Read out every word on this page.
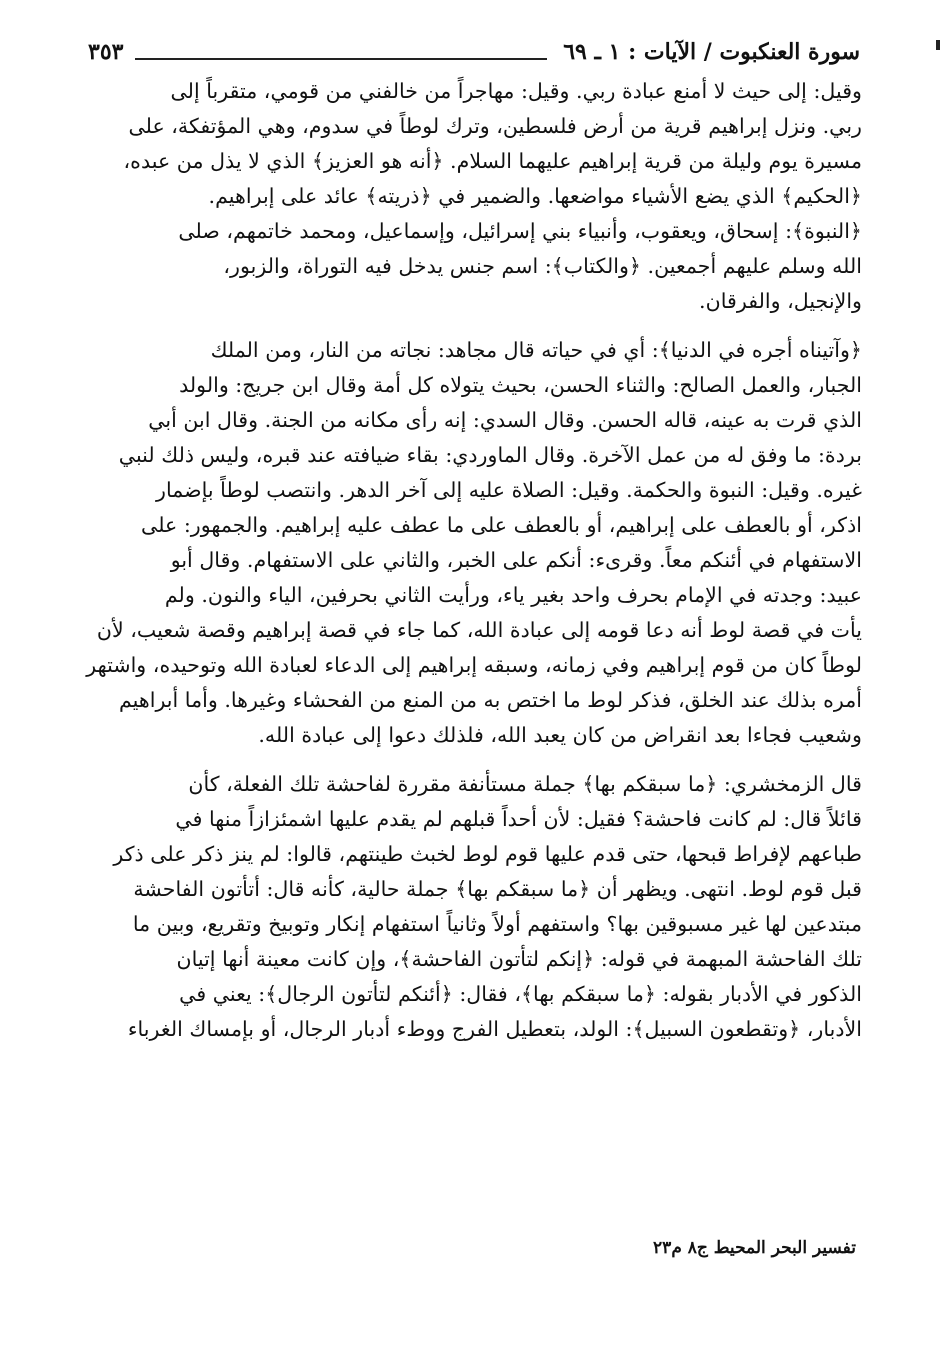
سورة العنكبوت / الآيات : ١ ـ ٦٩
٣٥٣

وقيل: إلى حيث لا أمنع عبادة ربي. وقيل: مهاجراً من خالفني من قومي، متقرباً إلى
ربي. ونزل إبراهيم قرية من أرض فلسطين، وترك لوطاً في سدوم، وهي المؤتفكة، على
مسيرة يوم وليلة من قرية إبراهيم عليهما السلام. ﴿أنه هو العزيز﴾ الذي لا يذل من عبده،
﴿الحكيم﴾ الذي يضع الأشياء مواضعها. والضمير في ﴿ذريته﴾ عائد على إبراهيم.
﴿النبوة﴾: إسحاق، ويعقوب، وأنبياء بني إسرائيل، وإسماعيل، ومحمد خاتمهم، صلى
الله وسلم عليهم أجمعين. ﴿والكتاب﴾: اسم جنس يدخل فيه التوراة، والزبور،
والإنجيل، والفرقان.

﴿وآتيناه أجره في الدنيا﴾: أي في حياته قال مجاهد: نجاته من النار، ومن الملك
الجبار، والعمل الصالح: والثناء الحسن، بحيث يتولاه كل أمة وقال ابن جريج: والولد
الذي قرت به عينه، قاله الحسن. وقال السدي: إنه رأى مكانه من الجنة. وقال ابن أبي
بردة: ما وفق له من عمل الآخرة. وقال الماوردي: بقاء ضيافته عند قبره، وليس ذلك لنبي
غيره. وقيل: النبوة والحكمة. وقيل: الصلاة عليه إلى آخر الدهر. وانتصب لوطاً بإضمار
اذكر، أو بالعطف على إبراهيم، أو بالعطف على ما عطف عليه إبراهيم. والجمهور: على
الاستفهام في أئنكم معاً. وقرىء: أنكم على الخبر، والثاني على الاستفهام. وقال أبو
عبيد: وجدته في الإمام بحرف واحد بغير ياء، ورأيت الثاني بحرفين، الياء والنون. ولم
يأت في قصة لوط أنه دعا قومه إلى عبادة الله، كما جاء في قصة إبراهيم وقصة شعيب، لأن
لوطاً كان من قوم إبراهيم وفي زمانه، وسبقه إبراهيم إلى الدعاء لعبادة الله وتوحيده، واشتهر
أمره بذلك عند الخلق، فذكر لوط ما اختص به من المنع من الفحشاء وغيرها. وأما أبراهيم
وشعيب فجاءا بعد انقراض من كان يعبد الله، فلذلك دعوا إلى عبادة الله.

قال الزمخشري: ﴿ما سبقكم بها﴾ جملة مستأنفة مقررة لفاحشة تلك الفعلة، كأن
قائلاً قال: لم كانت فاحشة؟ فقيل: لأن أحداً قبلهم لم يقدم عليها اشمئزازاً منها في
طباعهم لإفراط قبحها، حتى قدم عليها قوم لوط لخبث طينتهم، قالوا: لم ينز ذكر على ذكر
قبل قوم لوط. انتهى. ويظهر أن ﴿ما سبقكم بها﴾ جملة حالية، كأنه قال: أتأتون الفاحشة
مبتدعين لها غير مسبوقين بها؟ واستفهم أولاً وثانياً استفهام إنكار وتوبيخ وتقريع، وبين ما
تلك الفاحشة المبهمة في قوله: ﴿إنكم لتأتون الفاحشة﴾، وإن كانت معينة أنها إتيان
الذكور في الأدبار بقوله: ﴿ما سبقكم بها﴾، فقال: ﴿أئنكم لتأتون الرجال﴾: يعني في
الأدبار، ﴿وتقطعون السبيل﴾: الولد، بتعطيل الفرج ووطء أدبار الرجال، أو بإمساك الغرباء

تفسير البحر المحيط ج٨ م٢٣
